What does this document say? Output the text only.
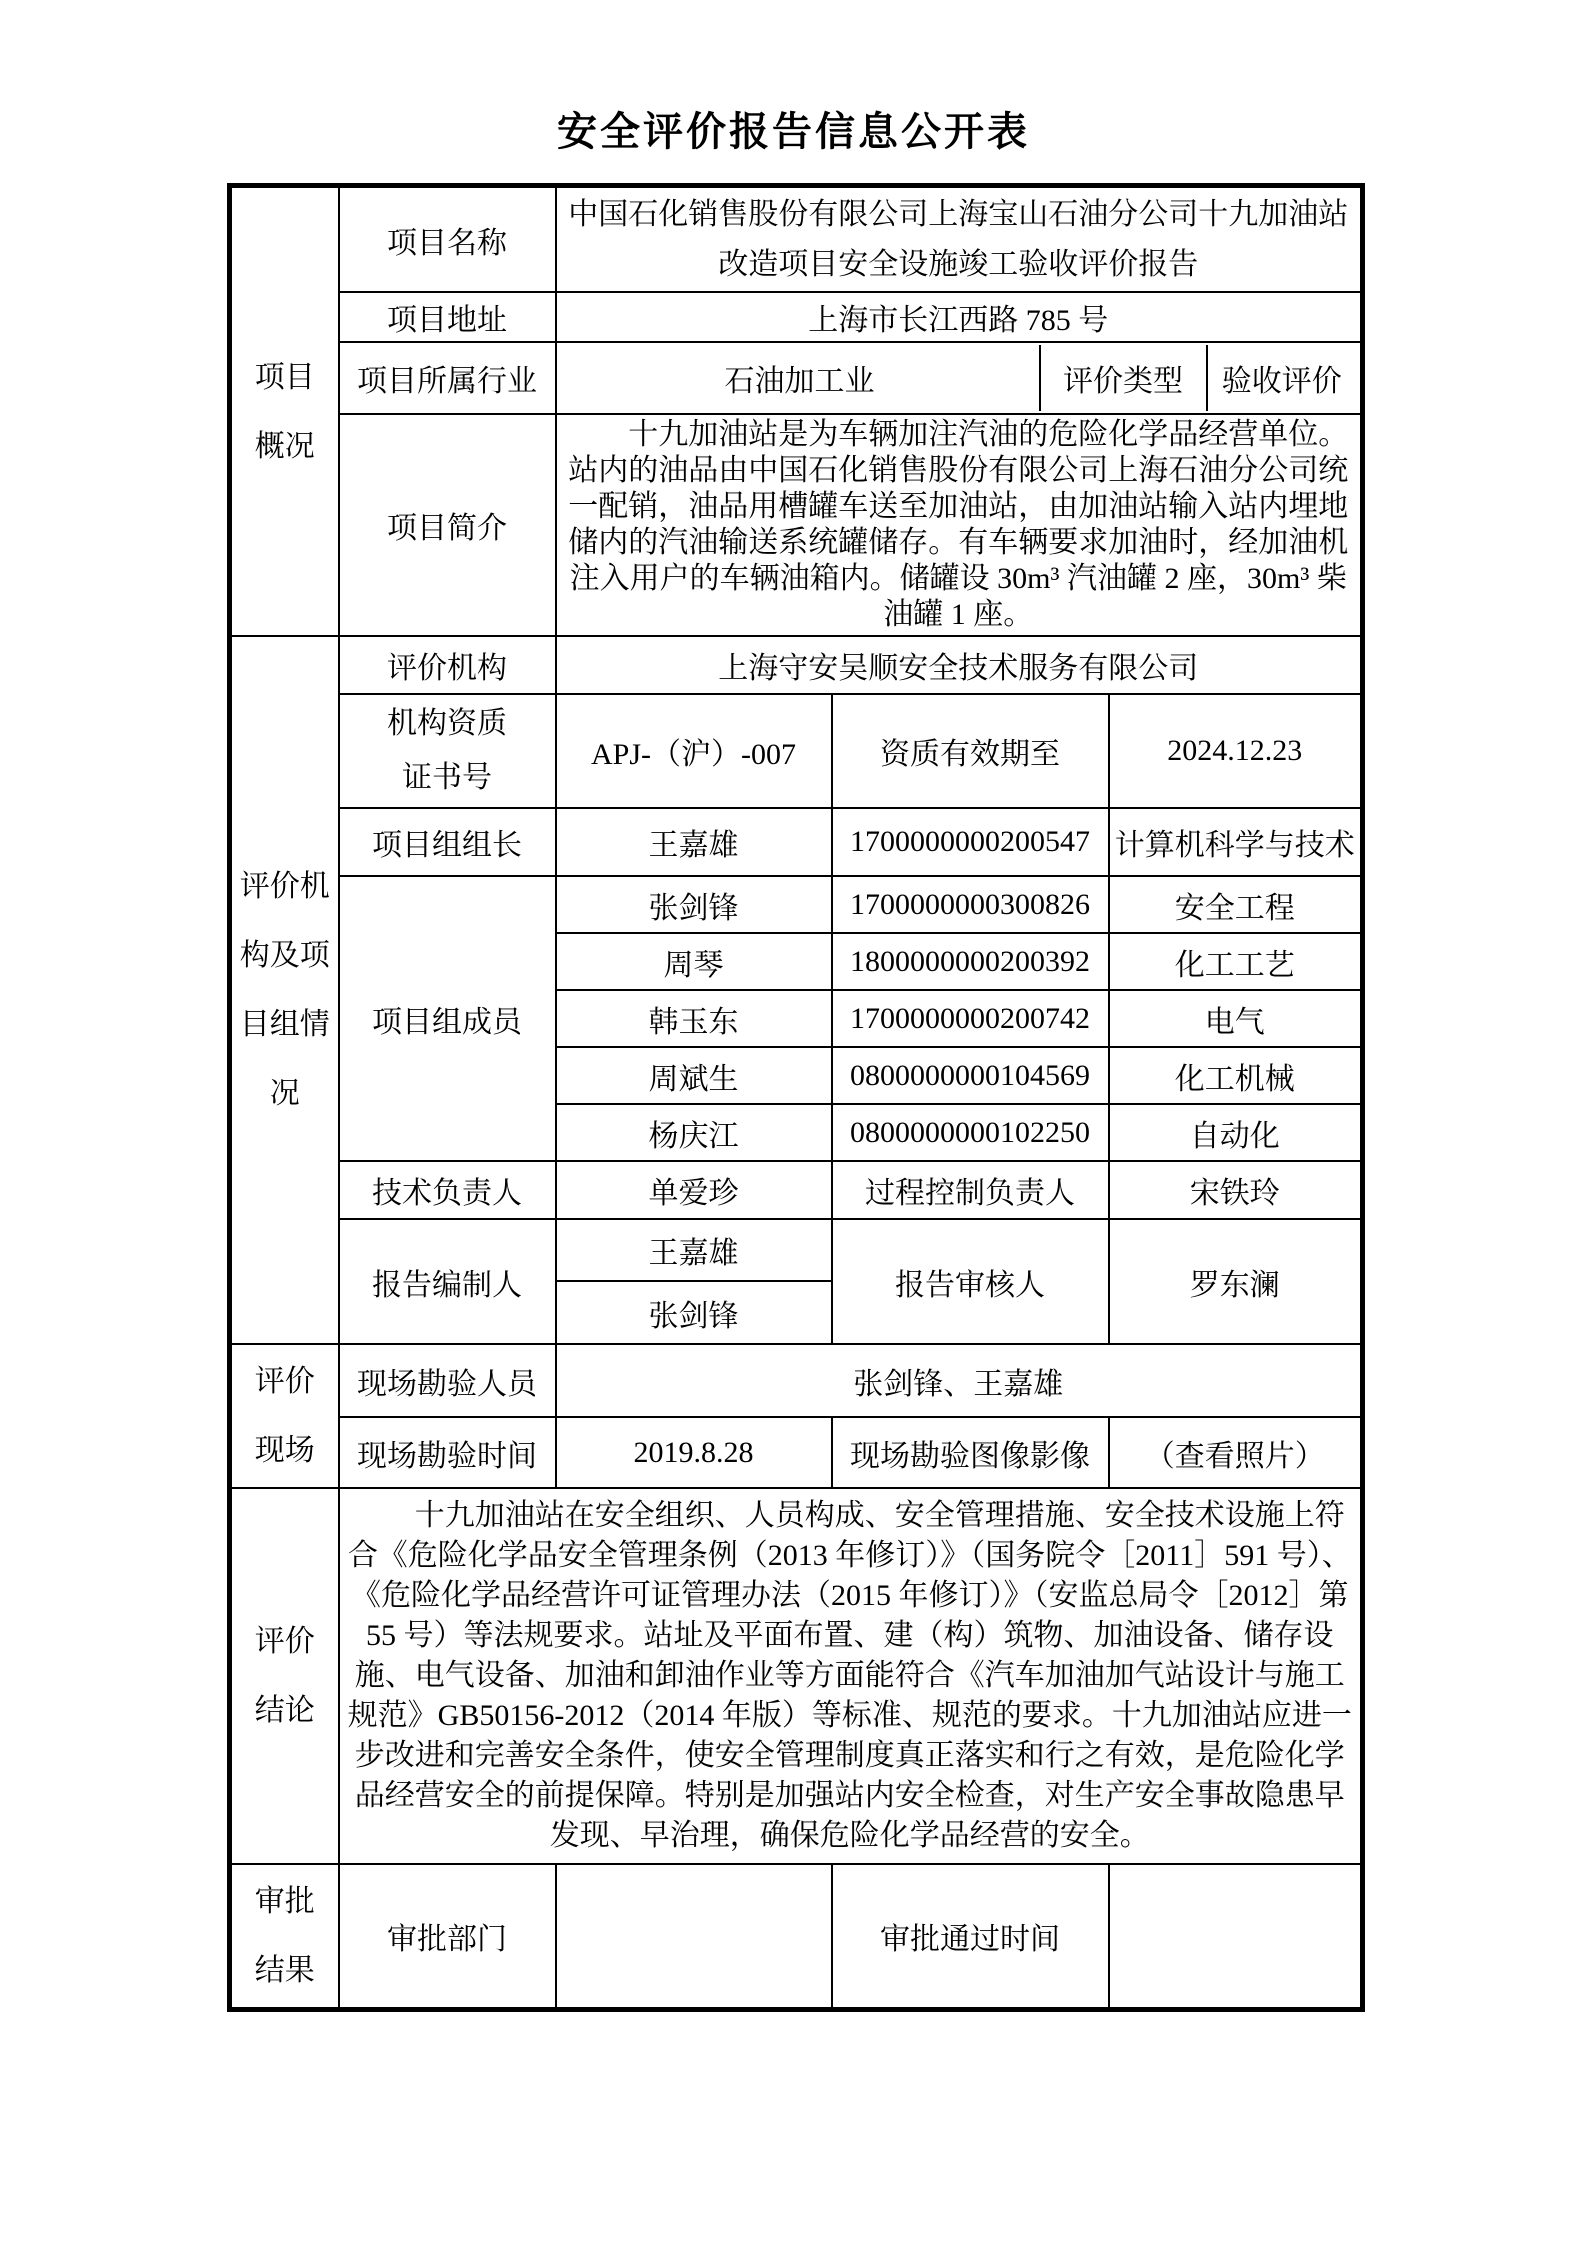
安全评价报告信息公开表
项目概况	项目名称	中国石化销售股份有限公司上海宝山石油分公司十九加油站改造项目安全设施竣工验收评价报告		
	项目地址	上海市长江西路 785 号		
	项目所属行业	石油加工业 评价类型 验收评价		

	项目简介	十九加油站是为车辆加注汽油的危险化学品经营单位。站内的油品由中国石化销售股份有限公司上海石油分公司统一配销，油品用槽罐车送至加油站，由加油站输入站内埋地储内的汽油输送系统罐储存。有车辆要求加油时，经加油机注入用户的车辆油箱内。储罐设 30m³ 汽油罐 2 座，30m³ 柴油罐 1 座。		
评价机构及项目组情况	评价机构	上海守安吴顺安全技术服务有限公司		
	机构资质证书号	APJ-（沪）-007	资质有效期至	2024.12.23
	项目组组长	王嘉雄	1700000000200547	计算机科学与技术
	项目组成员	张剑锋	1700000000300826	安全工程
		周琴	1800000000200392	化工工艺
		韩玉东	1700000000200742	电气
		周斌生	0800000000104569	化工机械
		杨庆江	0800000000102250	自动化
	技术负责人	单爱珍	过程控制负责人	宋铁玲
	报告编制人	王嘉雄	报告审核人	罗东澜
		张剑锋		
评价现场	现场勘验人员	张剑锋、王嘉雄		
	现场勘验时间	2019.8.28	现场勘验图像影像	（查看照片）
评价结论	十九加油站在安全组织、人员构成、安全管理措施、安全技术设施上符合《危险化学品安全管理条例（2013 年修订）》（国务院令［2011］591 号）、《危险化学品经营许可证管理办法（2015 年修订）》（安监总局令［2012］第 55 号）等法规要求。站址及平面布置、建（构）筑物、加油设备、储存设施、电气设备、加油和卸油作业等方面能符合《汽车加油加气站设计与施工规范》GB50156-2012（2014 年版）等标准、规范的要求。十九加油站应进一步改进和完善安全条件，使安全管理制度真正落实和行之有效，是危险化学品经营安全的前提保障。特别是加强站内安全检查，对生产安全事故隐患早发现、早治理，确保危险化学品经营的安全。			
审批结果	审批部门		审批通过时间	
